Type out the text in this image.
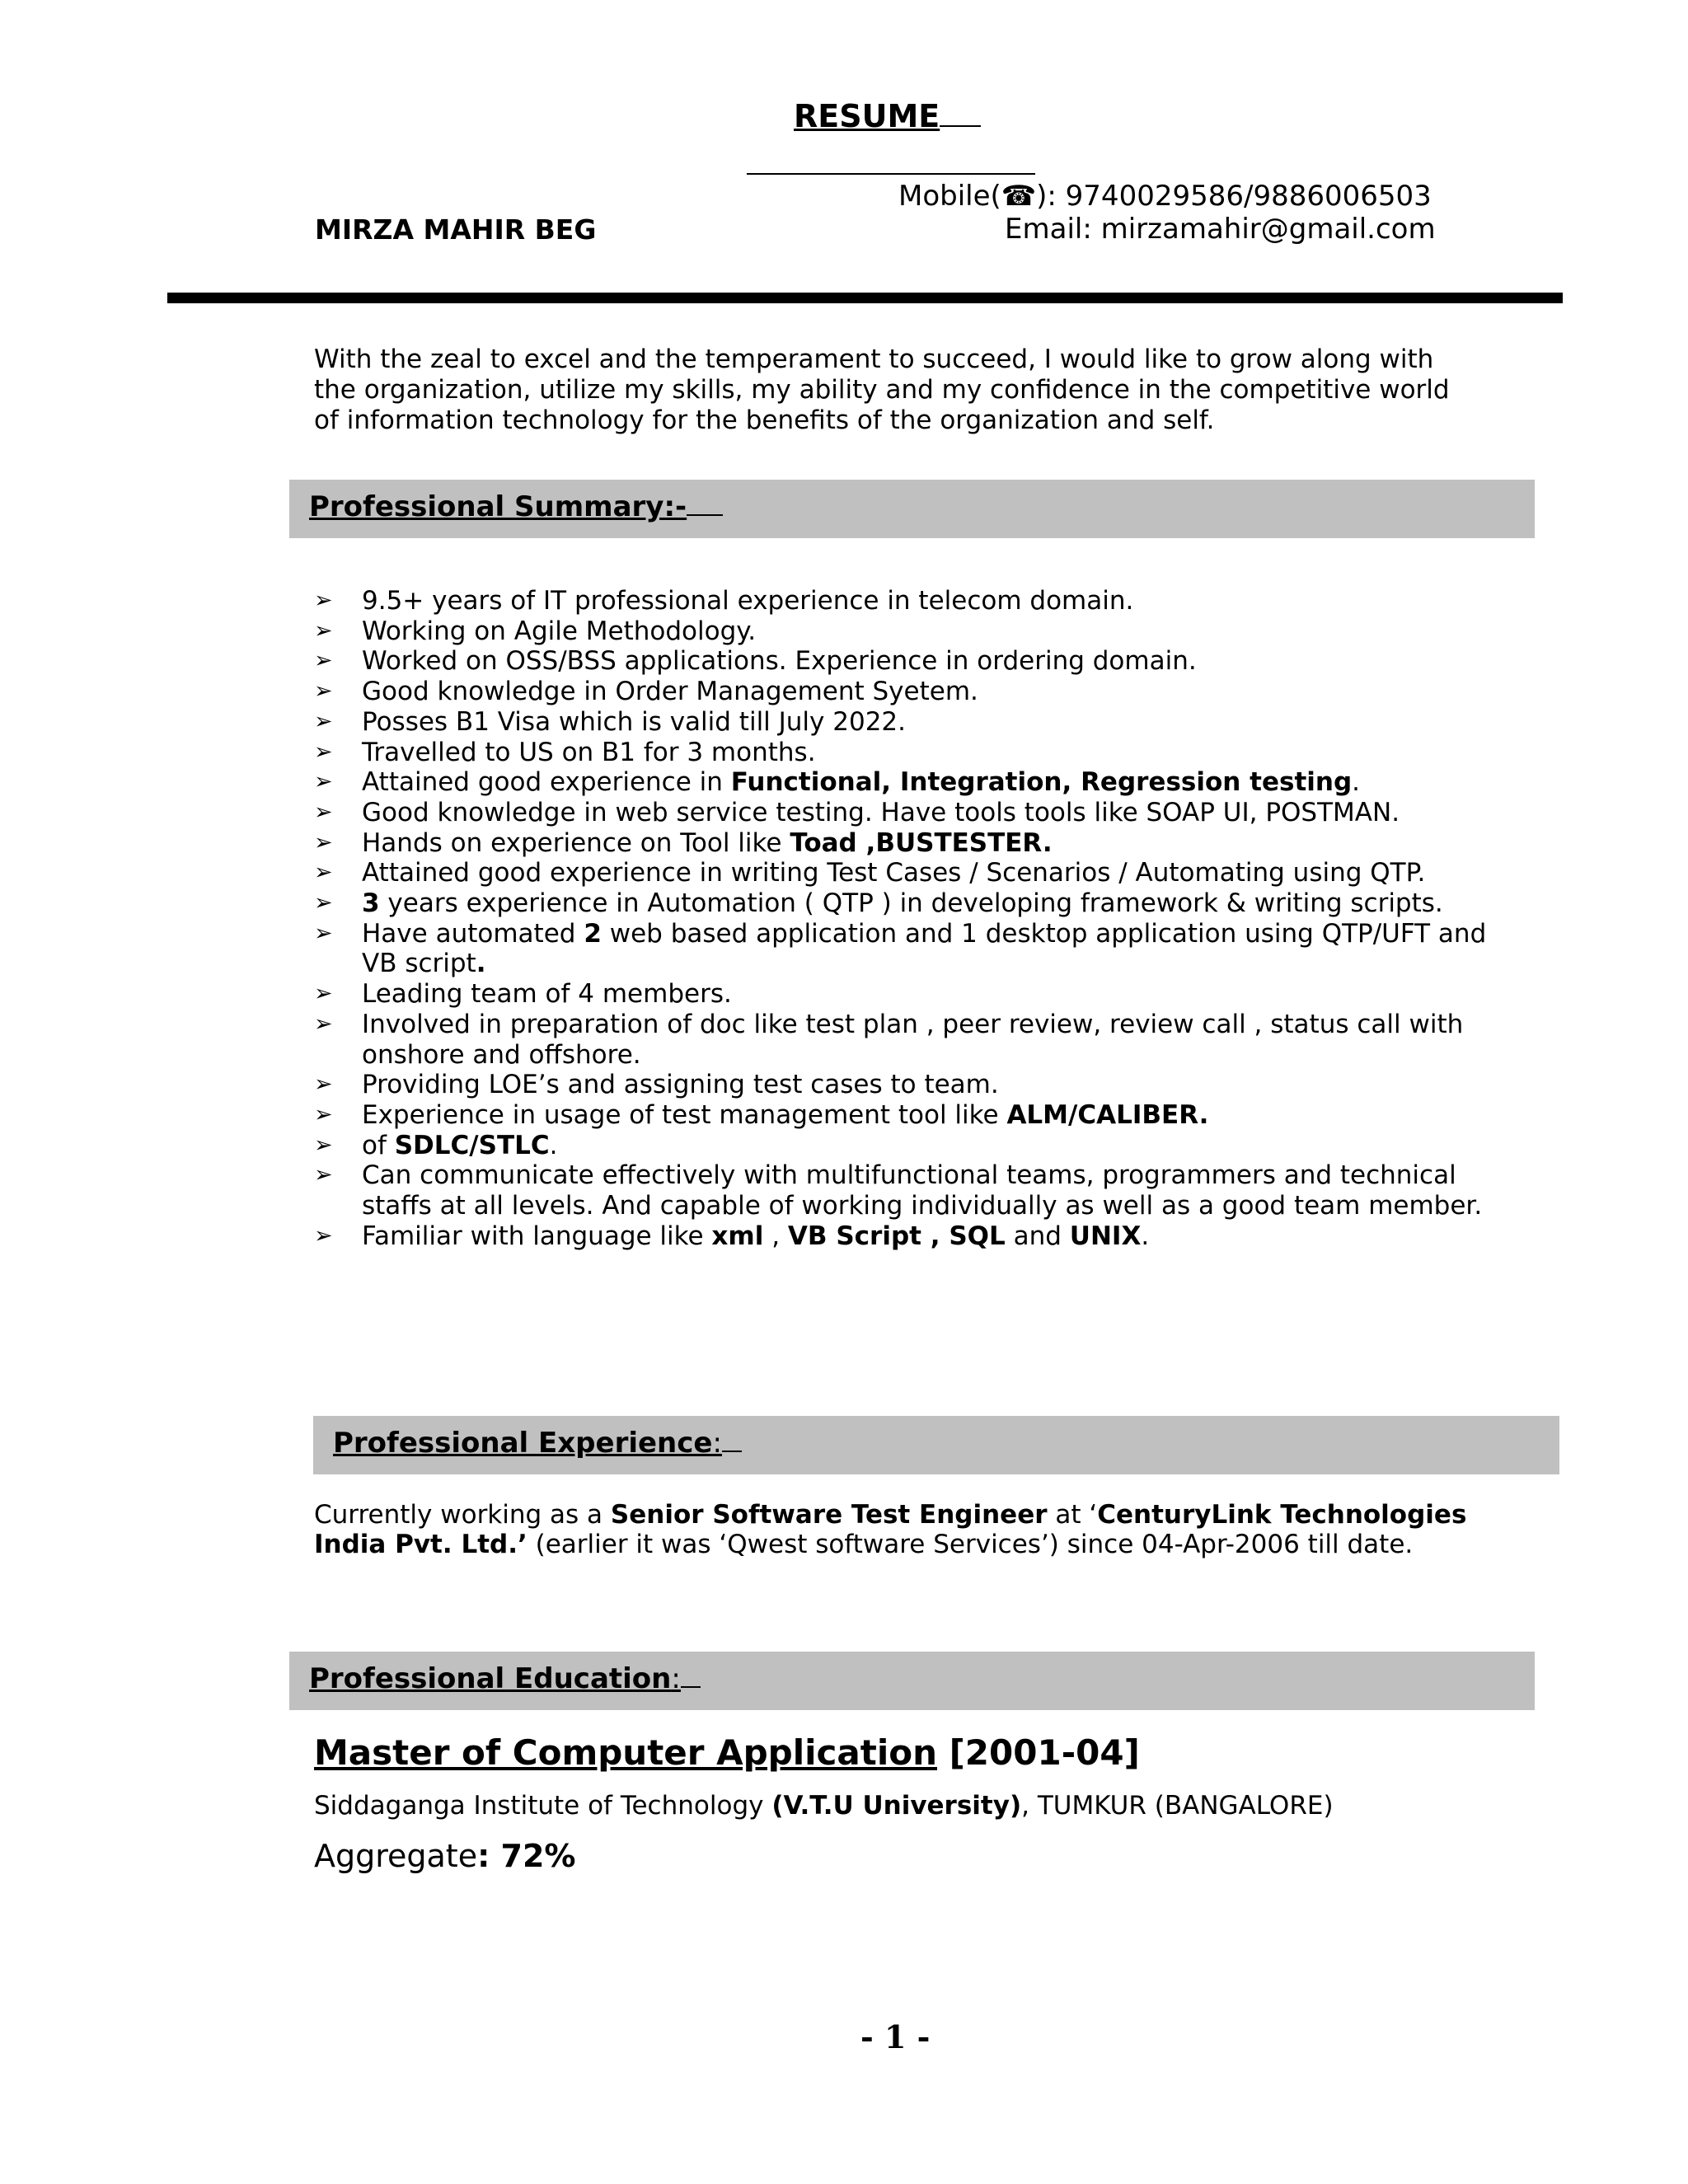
RESUME
Mobile(☎): 9740029586/9886006503
MIRZA MAHIR BEG	Email: mirzamahir@gmail.com
With the zeal to excel and the temperament to succeed, I would like to grow along with the organization, utilize my skills, my ability and my confidence in the competitive world of information technology for the benefits of the organization and self.
Professional Summary:-
➢ 9.5+ years of IT professional experience in telecom domain.
➢ Working on Agile Methodology.
➢ Worked on OSS/BSS applications. Experience in ordering domain.
➢ Good knowledge in Order Management Syetem.
➢ Posses B1 Visa which is valid till July 2022.
➢ Travelled to US on B1 for 3 months.
➢ Attained good experience in Functional, Integration, Regression testing.
➢ Good knowledge in web service testing. Have tools tools like SOAP UI, POSTMAN.
➢ Hands on experience on Tool like Toad ,BUSTESTER.
➢ Attained good experience in writing Test Cases / Scenarios / Automating using QTP.
➢ 3 years experience in Automation ( QTP ) in developing framework & writing scripts.
➢ Have automated 2 web based application and 1 desktop application using QTP/UFT and VB script.
➢ Leading team of 4 members.
➢ Involved in preparation of doc like test plan , peer review, review call , status call with onshore and offshore.
➢ Providing LOE’s and assigning test cases to team.
➢ Experience in usage of test management tool like ALM/CALIBER.
➢ of SDLC/STLC.
➢ Can communicate effectively with multifunctional teams, programmers and technical staffs at all levels. And capable of working individually as well as a good team member.
➢ Familiar with language like xml , VB Script , SQL and UNIX.
Professional Experience:
Currently working as a Senior Software Test Engineer at ‘CenturyLink Technologies India Pvt. Ltd.’ (earlier it was ‘Qwest software Services’) since 04-Apr-2006 till date.
Professional Education:
Master of Computer Application [2001-04]
Siddaganga Institute of Technology (V.T.U University), TUMKUR (BANGALORE)
Aggregate: 72%
- 1 -
